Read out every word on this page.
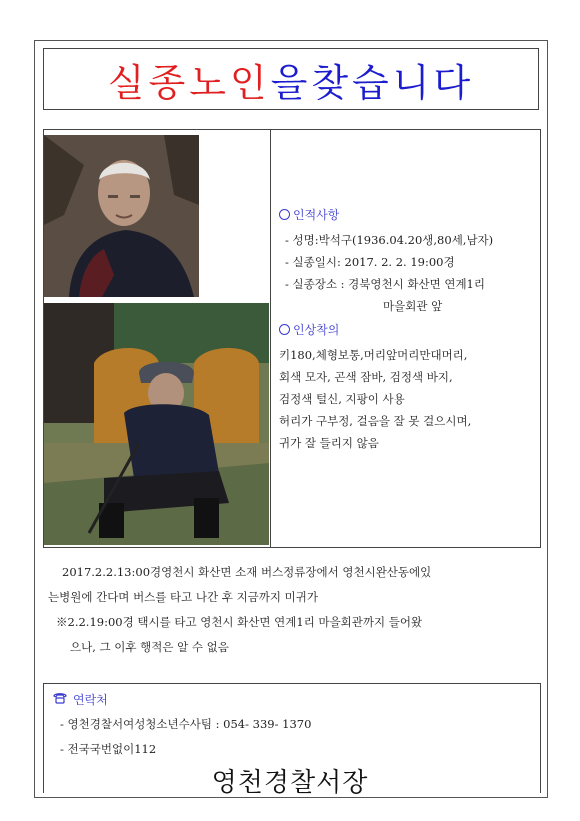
실종노인 을찾습니다
인적사항
- 성명:박석구(1936.04.20생,80세,남자)
- 실종일시: 2017. 2. 2. 19:00경
- 실종장소 : 경북영천시 화산면 연계1리
마을회관 앞
인상착의
키180,체형보통,머리앞머리만대머리,
회색 모자, 곤색 잠바, 검정색 바지,
검정색 털신, 지팡이 사용
허리가 구부정, 걸음을 잘 못 걸으시며,
귀가 잘 들리지 않음
2017.2.2.13:00경영천시 화산면 소재 버스정류장에서 영천시완산동에있
는병원에 간다며 버스를 타고 나간 후 지금까지 미귀가
※2.2.19:00경 택시를 타고 영천시 화산면 연계1리 마을회관까지 들어왔
으나, 그 이후 행적은 알 수 없음
연락처
- 영천경찰서여성청소년수사팀 : 054- 339- 1370
- 전국국번없이112
영천경찰서장
